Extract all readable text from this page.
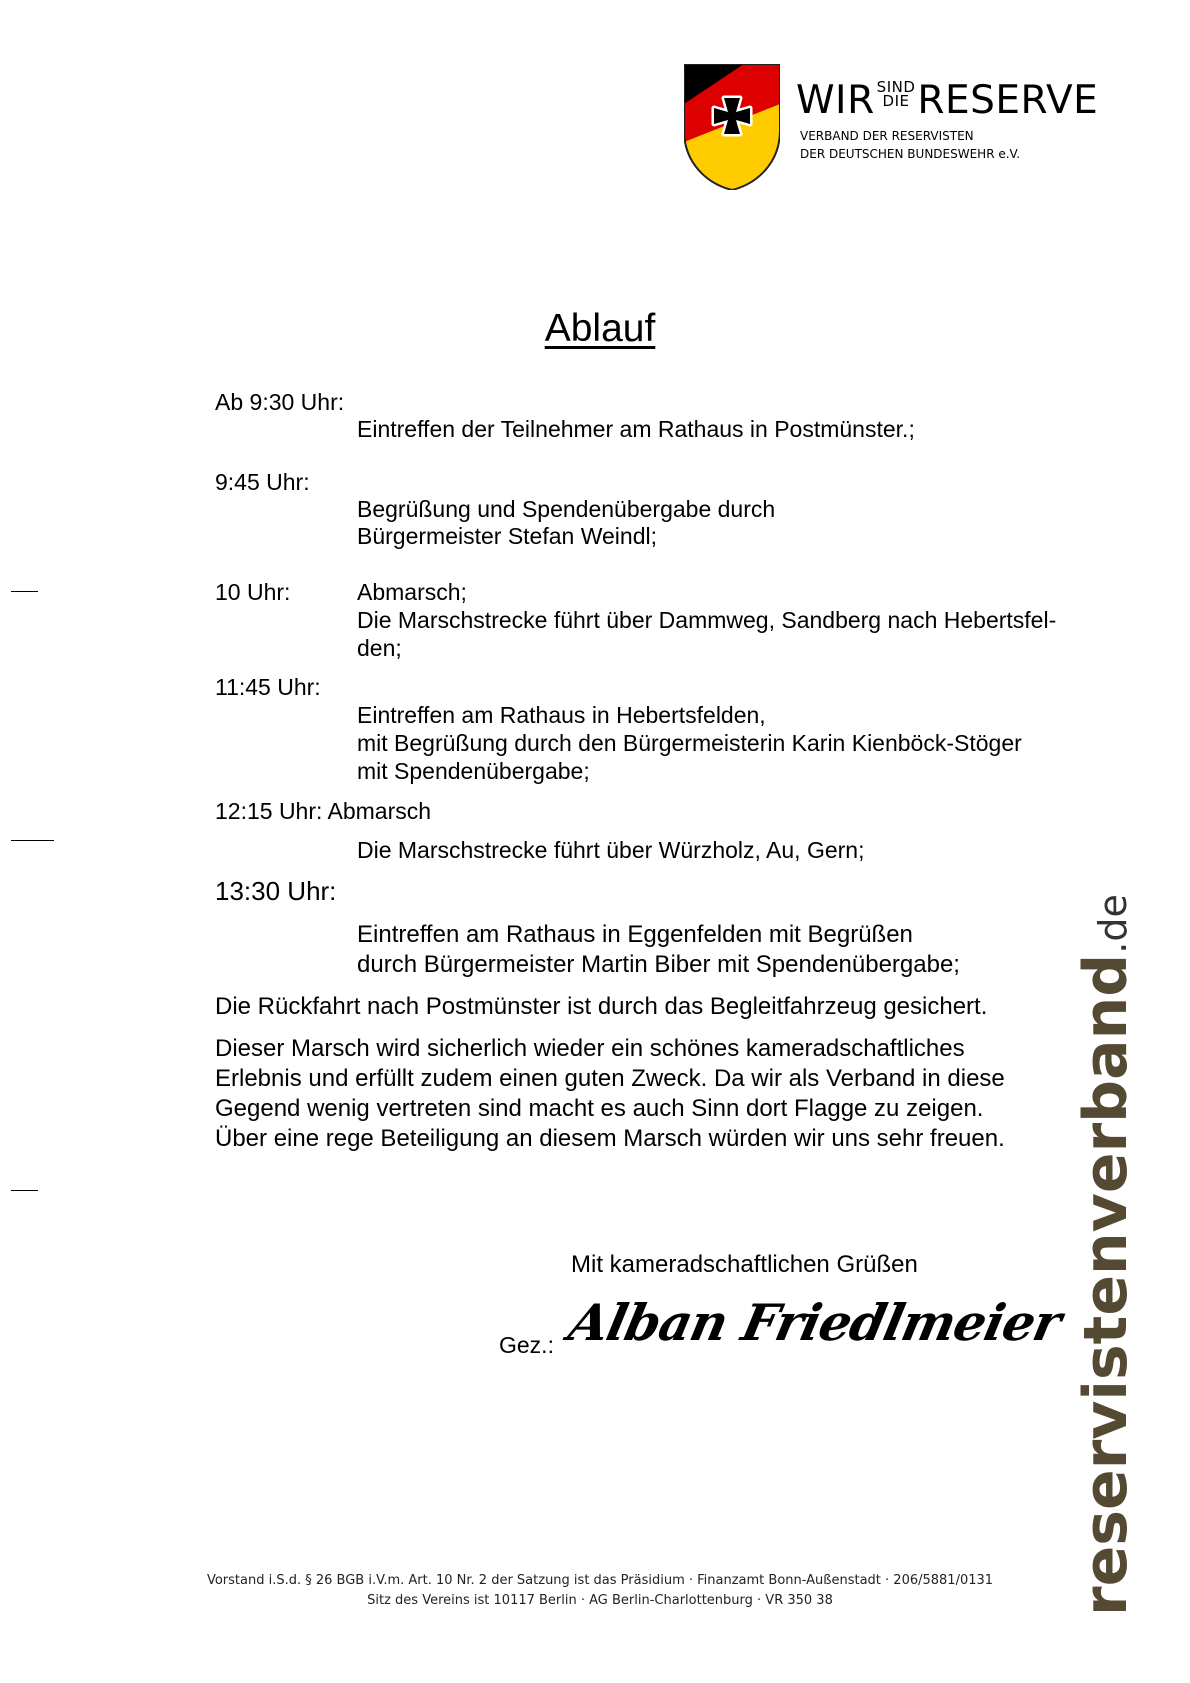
WIR SIND
DIE RESERVE
VERBAND DER RESERVISTEN
DER DEUTSCHEN BUNDESWEHR e.V.
Ablauf
Ab 9:30 Uhr:
Eintreffen der Teilnehmer am Rathaus in Postmünster.;
9:45 Uhr:
Begrüßung und Spendenübergabe durch
Bürgermeister Stefan Weindl;
10 Uhr:	Abmarsch;
Die Marschstrecke führt über Dammweg, Sandberg nach Hebertsfel-
den;
11:45 Uhr:
Eintreffen am Rathaus in Hebertsfelden,
mit Begrüßung durch den Bürgermeisterin Karin Kienböck-Stöger
mit Spendenübergabe;
12:15 Uhr: Abmarsch
Die Marschstrecke führt über Würzholz, Au, Gern;
13:30 Uhr:
Eintreffen am Rathaus in Eggenfelden mit Begrüßen
durch Bürgermeister Martin Biber mit Spendenübergabe;
Die Rückfahrt nach Postmünster ist durch das Begleitfahrzeug gesichert.
Dieser Marsch wird sicherlich wieder ein schönes kameradschaftliches
Erlebnis und erfüllt zudem einen guten Zweck. Da wir als Verband in diese
Gegend wenig vertreten sind macht es auch Sinn dort Flagge zu zeigen.
Über eine rege Beteiligung an diesem Marsch würden wir uns sehr freuen.
Mit kameradschaftlichen Grüßen
Gez.: Alban Friedlmeier reservistenverband.de
Vorstand i.S.d. § 26 BGB i.V.m. Art. 10 Nr. 2 der Satzung ist das Präsidium · Finanzamt Bonn-Außenstadt · 206/5881/0131
Sitz des Vereins ist 10117 Berlin · AG Berlin-Charlottenburg · VR 350 38
